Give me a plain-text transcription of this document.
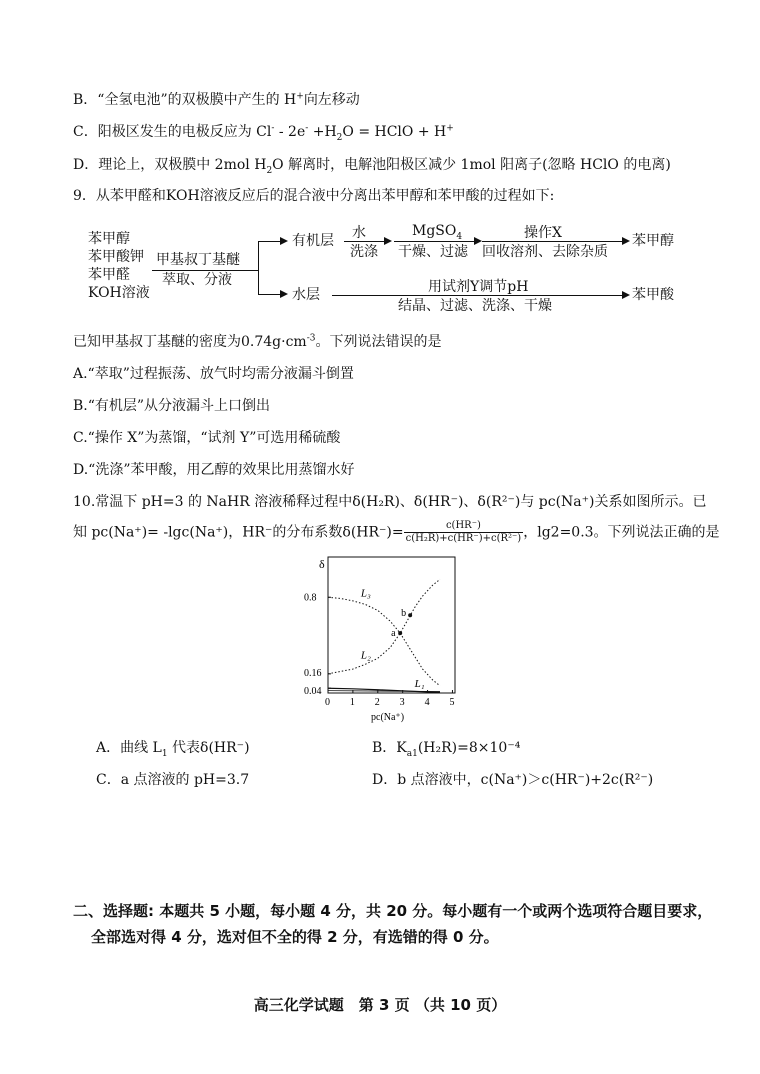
B．“全氢电池”的双极膜中产生的 H+向左移动
C．阳极区发生的电极反应为 $Cl^- - 2e^- +H_2O$ = HClO + H+
D．理论上，双极膜中 2mol $H_2O$ 解离时，电解池阳极区减少 1mol 阳离子(忽略 HClO 的电离)
9．从苯甲醛和KOH溶液反应后的混合液中分离出苯甲醇和苯甲酸的过程如下:
苯甲醇
苯甲酸钾
苯甲醛
KOH溶液
甲基叔丁基醚
萃取、分液
有机层 水
洗涤
MgSO$_4$
干燥、过滤
操作X
回收溶剂、去除杂质
苯甲醇
水层	用试剂Y调节pH
结晶、过滤、洗涤、干燥
苯甲酸
已知甲基叔丁基醚的密度为$0.74g\cdot cm^{-3}$。下列说法错误的是
A.“萃取”过程振荡、放气时均需分液漏斗倒置
B.“有机层”从分液漏斗上口倒出
C.“操作 X”为蒸馏，“试剂 Y”可选用稀硫酸
D.“洗涤”苯甲酸，用乙醇的效果比用蒸馏水好
10.常温下 pH=3 的 NaHR 溶液稀释过程中δ(H₂R)、δ(HR⁻)、δ(R²⁻)与 pc(Na⁺)关系如图所示。已
知 pc(Na⁺)= -lgc(Na⁺)，HR⁻的分布系数$\delta(HR^-)= \frac{c(HR^-)}{\text{c(H₂R)+c(HR⁻)+c(R²⁻)}}$ ，lg2=0.3。下列说法正确的是
δ
L₃
L₂
L₁
0 1 2 3 4 5
0.8
0.16
0.04
a
b
pc(Na⁺)
A．曲线 $L_1$ 代表δ(HR⁻)	B．$K_{a1}(H_2R)=8\times 10^{-4}$
C．a 点溶液的 pH=3.7	D．b 点溶液中，c(Na⁺)＞c(HR⁻)+2c(R²⁻)
二、选择题: 本题共 5 小题，每小题 4 分，共 20 分。每小题有一个或两个选项符合题目要求，
全部选对得 4 分，选对但不全的得 2 分，有选错的得 0 分。
高三化学试题　第 3 页 （共 10 页）
